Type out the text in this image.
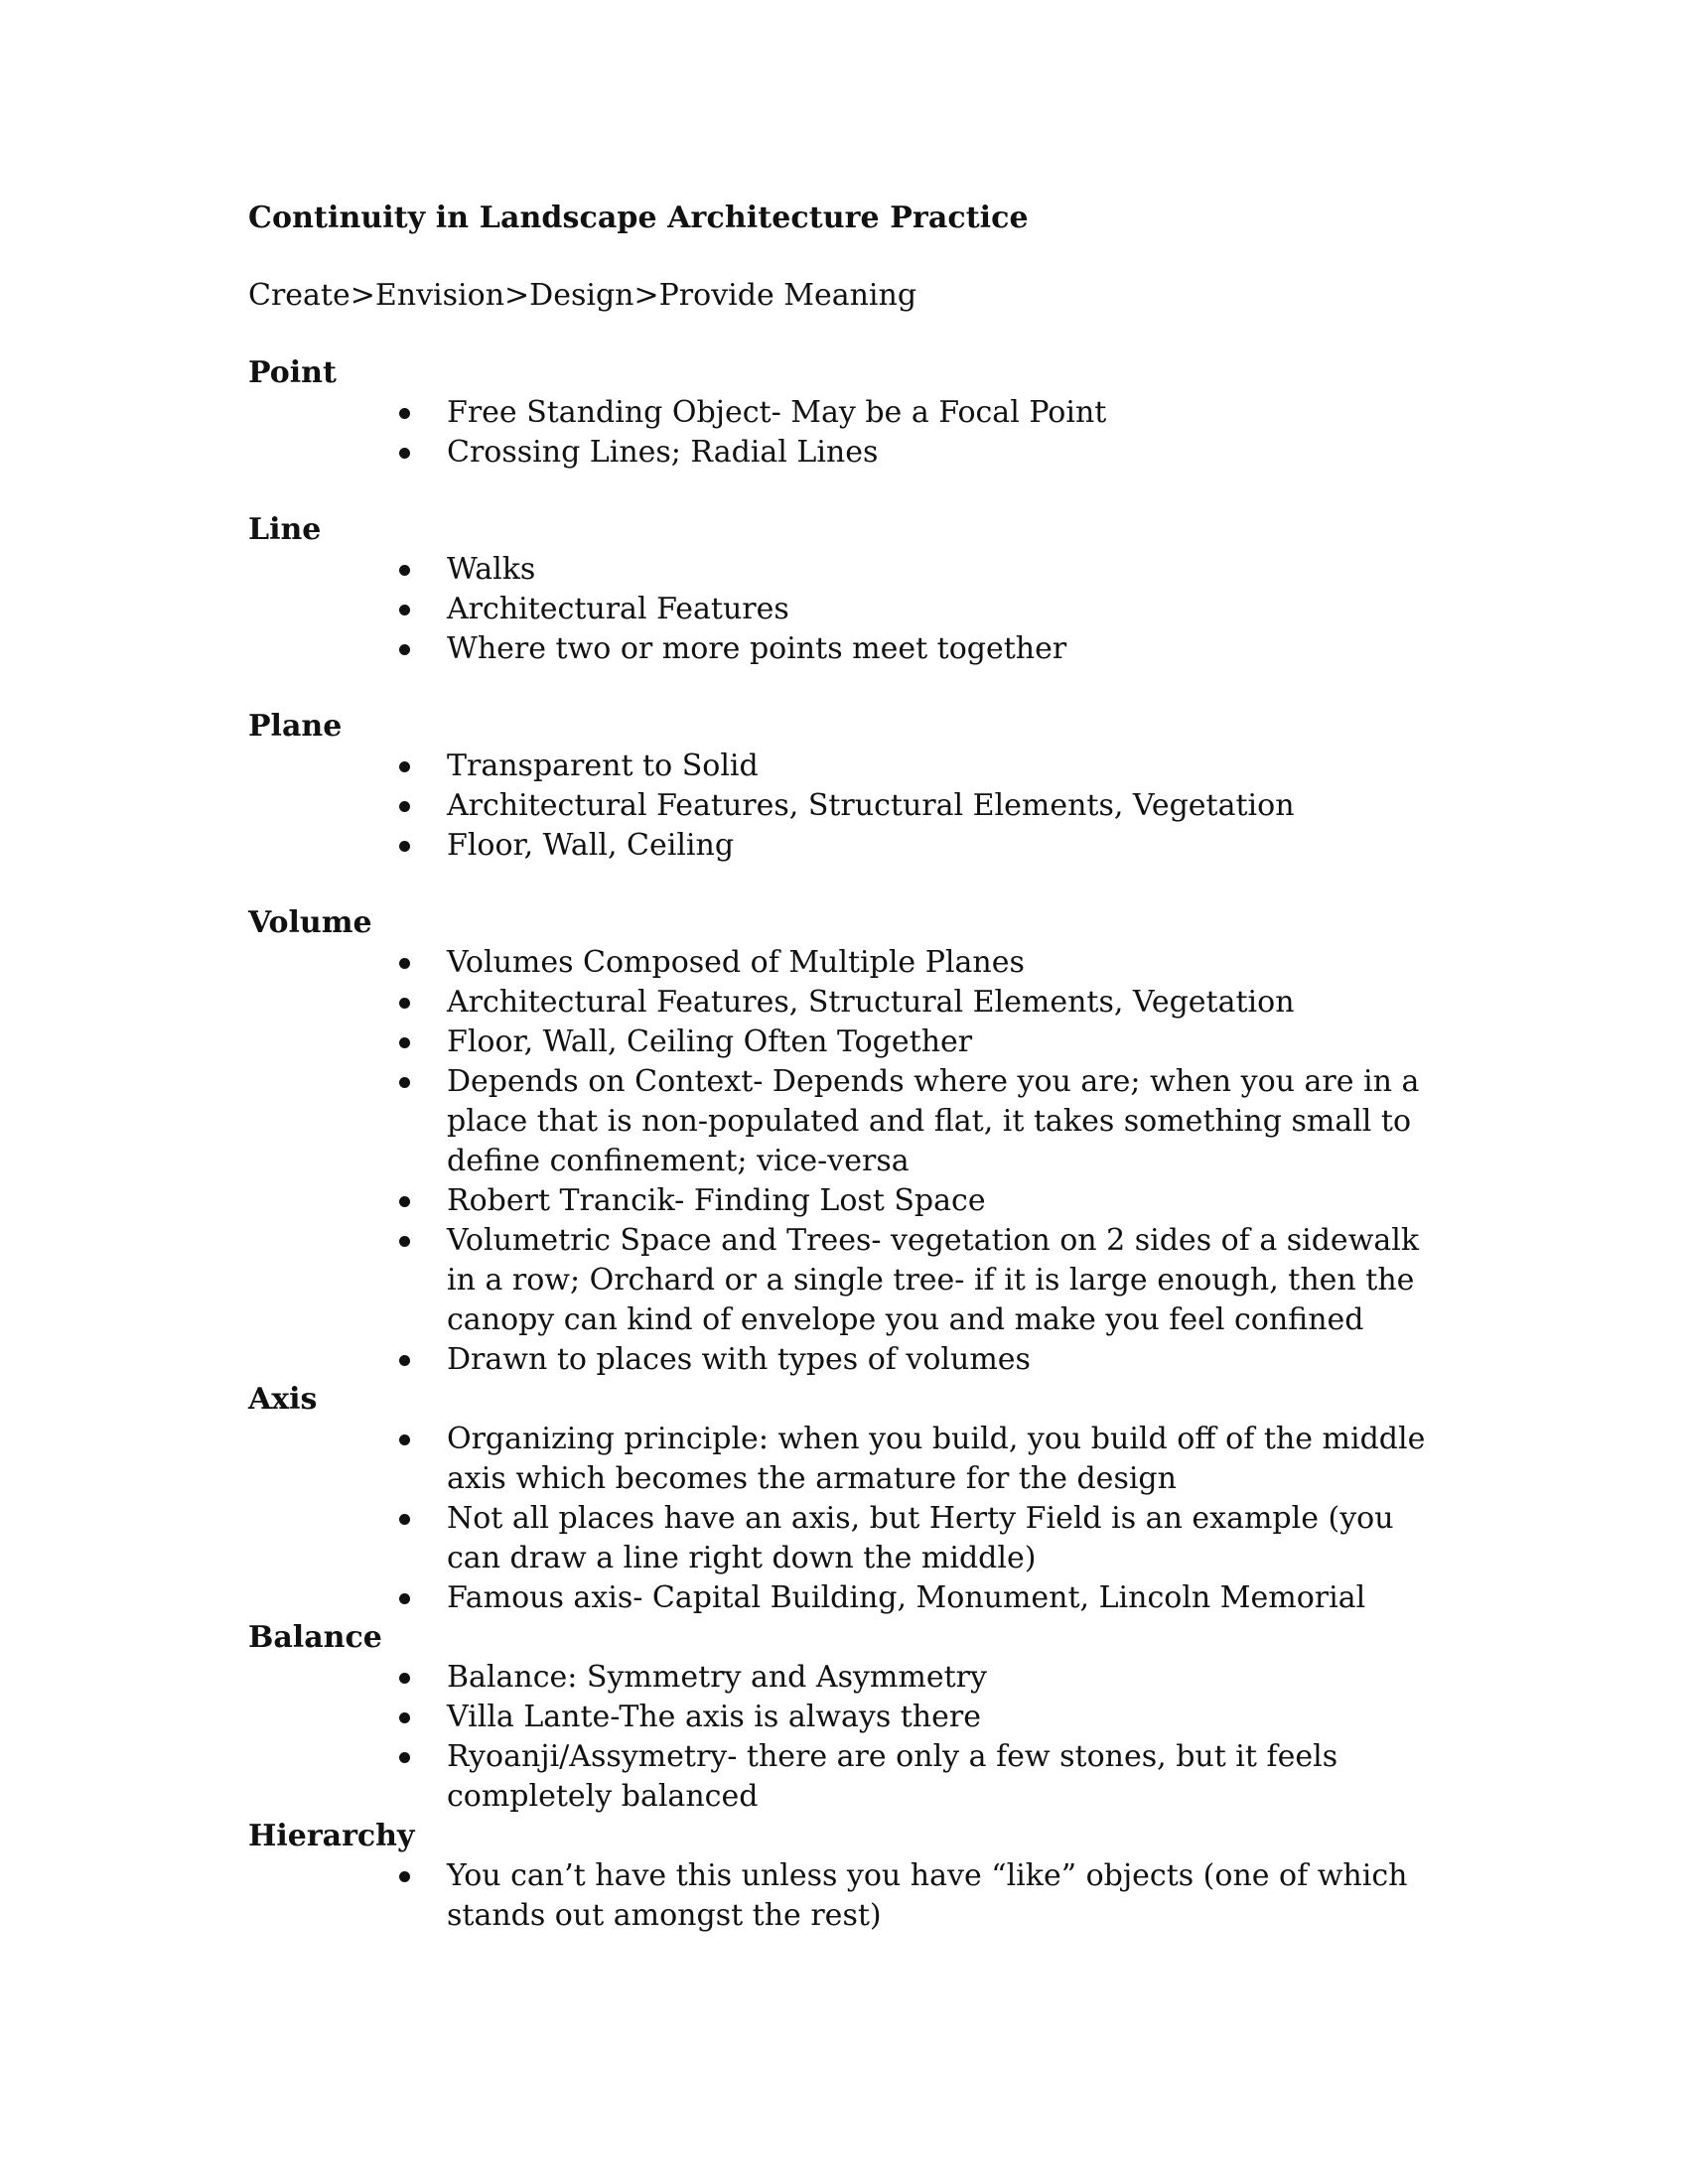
Continuity in Landscape Architecture Practice

Create>Envision>Design>Provide Meaning

Point
Free Standing Object- May be a Focal Point
Crossing Lines; Radial Lines
Line
Walks
Architectural Features
Where two or more points meet together
Plane
Transparent to Solid
Architectural Features, Structural Elements, Vegetation
Floor, Wall, Ceiling
Volume
Volumes Composed of Multiple Planes
Architectural Features, Structural Elements, Vegetation
Floor, Wall, Ceiling Often Together
Depends on Context- Depends where you are; when you are in a place that is non-populated and flat, it takes something small to define confinement; vice-versa
Robert Trancik- Finding Lost Space
Volumetric Space and Trees- vegetation on 2 sides of a sidewalk in a row; Orchard or a single tree- if it is large enough, then the canopy can kind of envelope you and make you feel confined
Drawn to places with types of volumes
Axis
Organizing principle: when you build, you build off of the middle axis which becomes the armature for the design
Not all places have an axis, but Herty Field is an example (you can draw a line right down the middle)
Famous axis- Capital Building, Monument, Lincoln Memorial
Balance
Balance: Symmetry and Asymmetry
Villa Lante-The axis is always there
Ryoanji/Assymetry- there are only a few stones, but it feels completely balanced
Hierarchy
You can’t have this unless you have “like” objects (one of which stands out amongst the rest)
